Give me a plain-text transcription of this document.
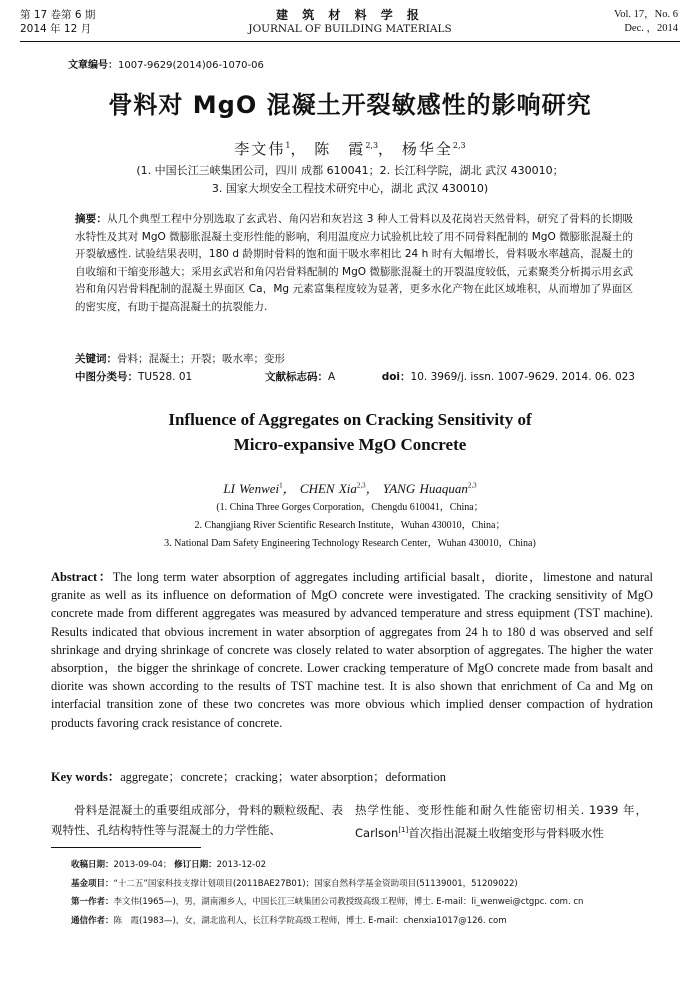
第 17 卷第 6 期
2014 年 12 月
建 筑 材 料 学 报
JOURNAL OF BUILDING MATERIALS
Vol. 17，No. 6
Dec. ，2014
文章编号：1007-9629(2014)06-1070-06
骨料对 MgO 混凝土开裂敏感性的影响研究
李文伟$^1$， 陈　霞$^{2,3}$， 杨华全$^{2,3}$
(1. 中国长江三峡集团公司，四川 成都 610041；2. 长江科学院，湖北 武汉 430010；
3. 国家大坝安全工程技术研究中心，湖北 武汉 430010)
摘要：从几个典型工程中分别选取了玄武岩、角闪岩和灰岩这 3 种人工骨料以及花岗岩天然骨料，研究了骨料的长期吸水特性及其对 MgO 微膨胀混凝土变形性能的影响，利用温度应力试验机比较了用不同骨料配制的 MgO 微膨胀混凝土的开裂敏感性. 试验结果表明，180 d 龄期时骨料的饱和面干吸水率相比 24 h 时有大幅增长，骨料吸水率越高，混凝土的自收缩和干缩变形越大；采用玄武岩和角闪岩骨料配制的 MgO 微膨胀混凝土的开裂温度较低，元素聚类分析揭示用玄武岩和角闪岩骨料配制的混凝土界面区 Ca，Mg 元素富集程度较为显著，更多水化产物在此区域堆积，从而增加了界面区的密实度，有助于提高混凝土的抗裂能力.
关键词：骨料；混凝土；开裂；吸水率；变形
中图分类号：TU528. 01	文献标志码：A	doi：10. 3969/j. issn. 1007-9629. 2014. 06. 023
Influence of Aggregates on Cracking Sensitivity of
Micro-expansive MgO Concrete
LI Wenwei$^1$， CHEN Xia$^{2,3}$， YANG Huaquan$^{2,3}$
(1. China Three Gorges Corporation，Chengdu 610041，China；
2. Changjiang River Scientific Research Institute，Wuhan 430010，China；
3. National Dam Safety Engineering Technology Research Center，Wuhan 430010，China)
Abstract：The long term water absorption of aggregates including artificial basalt，diorite，limestone and natural granite as well as its influence on deformation of MgO concrete were investigated. The cracking sensitivity of MgO concrete made from different aggregates was measured by advanced temperature and stress equipment (TST machine). Results indicated that obvious increment in water absorption of aggregates from 24 h to 180 d was observed and self shrinkage and drying shrinkage of concrete was closely related to water absorption of aggregates. The higher the water absorption，the bigger the shrinkage of concrete. Lower cracking temperature of MgO concrete made from basalt and diorite was shown according to the results of TST machine test. It is also shown that enrichment of Ca and Mg on interfacial transition zone of these two concretes was more obvious which implied denser compaction of hydration products favoring crack resistance of concrete.
Key words：aggregate；concrete；cracking；water absorption；deformation
骨料是混凝土的重要组成部分，骨料的颗粒级配、表观特性、孔结构特性等与混凝土的力学性能、
热学性能、变形性能和耐久性能密切相关. 1939 年，Carlson[1]首次指出混凝土收缩变形与骨料吸水性
收稿日期：2013-09-04； 修订日期：2013-12-02
基金项目：“十二五”国家科技支撑计划项目(2011BAE27B01)；国家自然科学基金资助项目(51139001，51209022)
第一作者：李文伟(1965—)，男，湖南湘乡人，中国长江三峡集团公司教授级高级工程师，博士. E-mail：li_wenwei@ctgpc. com. cn
通信作者：陈　霞(1983—)，女，湖北监利人，长江科学院高级工程师，博士. E-mail：chenxia1017@126. com
